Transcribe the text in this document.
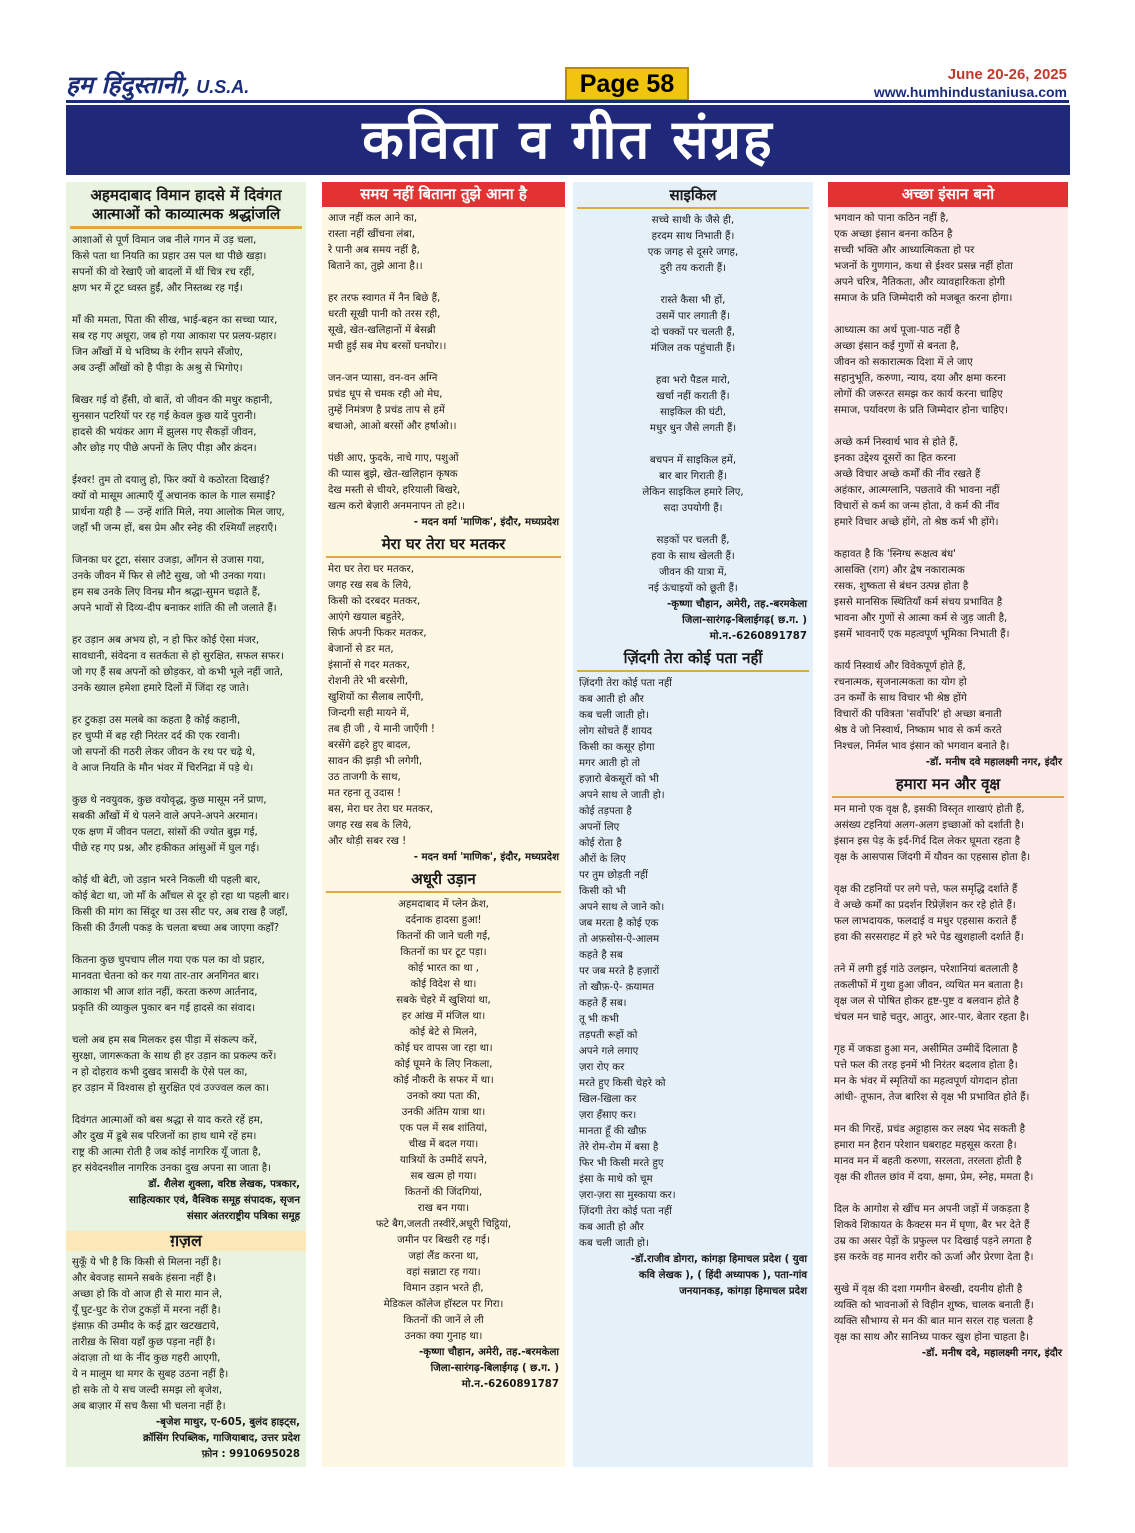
हम हिंदुस्तानी, U.S.A.	Page 58	June 20-26, 2025
www.humhindustaniusa.com
कविता व गीत संग्रह
अहमदाबाद विमान हादसे में दिवंगत आत्माओं को काव्यात्मक श्रद्धांजलि
आशाओं से पूर्ण विमान जब नीले गगन में उड़ चला,
किसे पता था नियति का प्रहार उस पल था पीछे खड़ा।
सपनों की वो रेखाएँ जो बादलों में थीं चित्र रच रहीं,
क्षण भर में टूट ध्वस्त हुईं, और निस्तब्ध रह गईं।
माँ की ममता, पिता की सीख, भाई-बहन का सच्चा प्यार,
सब रह गए अधूरा, जब हो गया आकाश पर प्रलय-प्रहार।
जिन आँखों में थे भविष्य के रंगीन सपने सँजोए,
अब उन्हीं आँखों को है पीड़ा के अश्रु से भिगोए।
बिखर गई वो हँसी, वो बातें, वो जीवन की मधुर कहानी,
सुनसान पटरियों पर रह गई केवल कुछ यादें पुरानी।
हादसे की भयंकर आग में झुलस गए सैकड़ों जीवन,
और छोड़ गए पीछे अपनों के लिए पीड़ा और क्रंदन।
ईश्वर! तुम तो दयालु हो, फिर क्यों ये कठोरता दिखाई?
क्यों वो मासूम आत्माएँ यूँ अचानक काल के गाल समाई?
प्रार्थना यही है — उन्हें शांति मिले, नया आलोक मिल जाए,
जहाँ भी जन्म हों, बस प्रेम और स्नेह की रश्मियाँ लहराएँ।
जिनका घर टूटा, संसार उजड़ा, आँगन से उजास गया,
उनके जीवन में फिर से लौटे सुख, जो भी उनका गया।
हम सब उनके लिए विनम्र मौन श्रद्धा-सुमन चढ़ाते हैं,
अपने भावों से दिव्य-दीप बनाकर शांति की लौ जलाते हैं।
हर उड़ान अब अभय हो, न हो फिर कोई ऐसा मंजर,
सावधानी, संवेदना व सतर्कता से हो सुरक्षित, सफल सफर।
जो गए हैं सब अपनों को छोड़कर, वो कभी भूले नहीं जाते,
उनके ख्याल हमेशा हमारे दिलों में जिंदा रह जाते।
हर टुकड़ा उस मलबे का कहता है कोई कहानी,
हर चुप्पी में बह रही निरंतर दर्द की एक रवानी।
जो सपनों की गठरी लेकर जीवन के रथ पर चढ़े थे,
वे आज नियति के मौन भंवर में चिरनिद्रा में पड़े थे।
कुछ थे नवयुवक, कुछ वयोवृद्ध, कुछ मासूम ननें प्राण,
सबकी आँखों में थे पलने वाले अपने-अपने अरमान।
एक क्षण में जीवन पलटा, सांसों की ज्योत बुझ गई,
पीछे रह गए प्रश्न, और हकीकत आंसुओं में घुल गई।
कोई थी बेटी, जो उड़ान भरने निकली थी पहली बार,
कोई बेटा था, जो माँ के आँचल से दूर हो रहा था पहली बार।
किसी की मांग का सिंदूर था उस सीट पर, अब राख है जहाँ,
किसी की उँगली पकड़ के चलता बच्चा अब जाएगा कहाँ?
कितना कुछ चुपचाप लील गया एक पल का वो प्रहार,
मानवता चेतना को कर गया तार-तार अनगिनत बार।
आकाश भी आज शांत नहीं, करता करुण आर्तनाद,
प्रकृति की व्याकुल पुकार बन गई हादसे का संवाद।
चलो अब हम सब मिलकर इस पीड़ा में संकल्प करें,
सुरक्षा, जागरूकता के साथ ही हर उड़ान का प्रकल्प करें।
न हो दोहराव कभी दुखद त्रासदी के ऐसे पल का,
हर उड़ान में विश्वास हो सुरक्षित एवं उज्ज्वल कल का।
दिवंगत आत्माओं को बस श्रद्धा से याद करते रहें हम,
और दुख में डूबे सब परिजनों का हाथ थामे रहें हम।
राष्ट्र की आत्मा रोती है जब कोई नागरिक यूँ जाता है,
हर संवेदनशील नागरिक उनका दुख अपना सा जाता है।
डॉ. शैलेश शुक्ला, वरिष्ठ लेखक, पत्रकार,
साहित्यकार एवं, वैश्विक समूह संपादक, सृजन
संसार अंतरराष्ट्रीय पत्रिका समूह
ग़ज़ल
सुकूँ ये भी है कि किसी से मिलना नहीं है।
और बेवजह सामने सबके हंसना नहीं है।
अच्छा हो कि वो आज ही से मारा मान ले,
यूँ घुट-घुट के रोज टुकड़ों में मरना नहीं है।
इंसाफ़ की उम्मीद के कई द्वार खटखटाये,
तारीख़ के सिवा यहाँ कुछ पड़ना नहीं है।
अंदाज़ा तो था के नींद कुछ गहरी आएगी,
ये न मालूम था मगर के सुबह उठना नहीं है।
हो सके तो ये सच जल्दी समझ लो बृजेश,
अब बाज़ार में सच कैसा भी चलना नहीं है।
-बृजेश माथुर, ए-605, बुलंद हाइट्स,
क्रॉसिंग रिपब्लिक, गाजियाबाद, उत्तर प्रदेश
फ़ोन : 9910695028
समय नहीं बिताना तुझे आना है
आज नहीं कल आने का,
रास्ता नहीं खींचना लंबा,
रे पानी अब समय नहीं है,
बिताने का, तुझे आना है।।
हर तरफ स्वागत में नैन बिछे हैं,
धरती सूखी पानी को तरस रही,
सूखे, खेत-खलिहानों में बेसब्री
मची हुई सब मेघ बरसों घनघोर।।
जन-जन प्यासा, वन-वन अग्नि
प्रचंड धूप से चमक रही ओ मेघ,
तुम्हें निमंत्रण है प्रचंड ताप से हमें
बचाओ, आओ बरसों और हर्षाओ।।
पंछी आए, फुदके, नाचे गाए, पशुओं
की प्यास बुझे, खेत-खलिहान कृषक
देख मस्ती से चीयरे, हरियाली बिखरे,
खत्म करो बेज़ारी अनमनापन तो हटे।।
- मदन वर्मा 'माणिक', इंदौर, मध्यप्रदेश
मेरा घर तेरा घर मतकर
मेरा घर तेरा घर मतकर,
जगह रख सब के लिये,
किसी को दरबदर मतकर,
आएंगे खयाल बहुतेरे,
सिर्फ अपनी फिकर मतकर,
बेजानों से डर मत,
इंसानों से गदर मतकर,
रोशनी तेरे भी बरसेगी,
खुशियों का सैलाब लाएँगी,
जिन्दगी सही मायने में,
तब ही जी , ये मानी जाएँगी !
बरसेंगे ढहरे हुए बादल,
सावन की झड़ी भी लगेगी,
उठ ताजगी के साथ,
मत रहना तू उदास !
बस, मेरा घर तेरा घर मतकर,
जगह रख सब के लिये,
और थोड़ी सबर रख !
- मदन वर्मा 'माणिक', इंदौर, मध्यप्रदेश
अधूरी उड़ान
अहमदाबाद में प्लेन क्रेश,
दर्दनाक हादसा हुआ!
कितनों की जाने चली गई,
कितनों का घर टूट पड़ा।
कोई भारत का था ,
कोई विदेश से था।
सबके चेहरे में खुशियां था,
हर आंख में मंजिल था।
कोई बेटे से मिलने,
कोई घर वापस जा रहा था।
कोई घूमने के लिए निकला,
कोई नौकरी के सफर में था।
उनको क्या पता की,
उनकी अंतिम यात्रा था।
एक पल में सब शांतियां,
चीख में बदल गया।
यात्रियों के उम्मीदें सपने,
सब खत्म हो गया।
कितनों की जिंदगियां,
राख बन गया।
फटे बैग,जलती तस्वीरें,अधूरी चिट्ठियां,
जमीन पर बिखरी रह गई।
जहां लैंड करना था,
वहां सन्नाटा रह गया।
विमान उड़ान भरते ही,
मेडिकल कॉलेज हॉस्टल पर गिरा।
कितनों की जानें ले ली
उनका क्या गुनाह था।
-कृष्णा चौहान, अमेरी, तह.-बरमकेला
जिला-सारंगढ़-बिलाईगढ़ ( छ.ग. )
मो.न.-6260891787
साइकिल
सच्चे साथी के जैसे ही,
हरदम साथ निभाती हैं।
एक जगह से दूसरे जगह,
दुरी तय कराती हैं।
रास्ते कैसा भी हों,
उसमें पार लगाती हैं।
दो चक्कों पर चलती हैं,
मंजिल तक पहुंचाती हैं।
हवा भरो पैडल मारो,
खर्चा नहीं कराती हैं।
साइकिल की घंटी,
मधुर धुन जैसे लगती हैं।
बचपन में साइकिल हमें,
बार बार गिराती हैं।
लेकिन साइकिल हमारे लिए,
सदा उपयोगी हैं।
सड़कों पर चलती हैं,
हवा के साथ खेलती हैं।
जीवन की यात्रा में,
नई ऊंचाइयों को छूती हैं।
-कृष्णा चौहान, अमेरी, तह.-बरमकेला
जिला-सारंगढ़-बिलाईगढ़( छ.ग. )
मो.न.-6260891787
ज़िंदगी तेरा कोई पता नहीं
ज़िंदगी तेरा कोई पता नहीं
कब आती हो और
कब चली जाती हो।
लोग सोचते हैं शायद
किसी का कसूर होगा
मगर आती हो तो
हज़ारो बेकसूरों को भी
अपने साथ ले जाती हो।
कोई तड़पता है
अपनों लिए
कोई रोता है
औरों के लिए
पर तुम छोड़ती नहीं
किसी को भी
अपने साथ ले जाने को।
जब मरता है कोई एक
तो अफ़सोस-ऐ-आलम
कहते है सब
पर जब मरते है हज़ारों
तो खौफ़-ऐ- क़यामत
कहते हैं सब।
तू भी कभी
तड़पती रूहों को
अपने गले लगाए
ज़रा रोए कर
मरते हुए किसी चेहरे को
खिल-खिला कर
ज़रा हँसाए कर।
मानता हूँ की खौफ़
तेरे रोम-रोम में बसा है
फिर भी किसी मरते हुए
इंसा के माथे को चूम
ज़रा-ज़रा सा मुस्काया कर।
ज़िंदगी तेरा कोई पता नहीं
कब आती हो और
कब चली जाती हो।
-डॉ.राजीव डोगरा, कांगड़ा हिमाचल प्रदेश ( युवा
कवि लेखक ), ( हिंदी अध्यापक ), पता-गांव
जनयानकड़, कांगड़ा हिमाचल प्रदेश
अच्छा इंसान बनो
भगवान को पाना कठिन नहीं है,
एक अच्छा इंसान बनना कठिन है
सच्ची भक्ति और आध्यात्मिकता हो पर
भजनों के गुणगान, कथा से ईश्वर प्रसन्न नहीं होता
अपने चरित्र, नैतिकता, और व्यावहारिकता होगी
समाज के प्रति जिम्मेदारी को मजबूत करना होगा।
आध्यात्म का अर्थ पूजा-पाठ नहीं है
अच्छा इंसान कई गुणों से बनता है,
जीवन को सकारात्मक दिशा में ले जाए
सहानुभूति, करुणा, न्याय, दया और क्षमा करना
लोगों की जरूरत समझ कर कार्य करना चाहिए
समाज, पर्यावरण के प्रति जिम्मेदार होना चाहिए।
अच्छे कर्म निस्वार्थ भाव से होते हैं,
इनका उद्देश्य दूसरों का हित करना
अच्छे विचार अच्छे कर्मों की नींव रखते हैं
अहंकार, आत्मग्लानि, पछतावे की भावना नहीं
विचारों से कर्म का जन्म होता, वे कर्म की नींव
हमारे विचार अच्छे होंगे, तो श्रेष्ठ कर्म भी होंगे।
कहावत है कि 'स्निग्ध रूक्षत्व बंध'
आसक्ति (राग) और द्वेष नकारात्मक
रसक, शुष्कता से बंधन उत्पन्न होता है
इससे मानसिक स्थितियाँ कर्म संचय प्रभावित है
भावना और गुणों से आत्मा कर्म से जुड़ जाती है,
इसमें भावनाएँ एक महत्वपूर्ण भूमिका निभाती हैं।
कार्य निस्वार्थ और विवेकपूर्ण होते हैं,
रचनात्मक, सृजनात्मकता का योग हो
उन कर्मों के साथ विचार भी श्रेष्ठ होंगे
विचारों की पवित्रता 'सर्वोपरि' हो अच्छा बनाती
श्रेष्ठ वे जो निस्वार्थ, निष्काम भाव से कर्म करते
निश्चल, निर्मल भाव इंसान को भगवान बनाते है।
-डॉ. मनीष दवे महालक्ष्मी नगर, इंदौर
हमारा मन और वृक्ष
मन मानो एक वृक्ष है, इसकी विस्तृत शाखाएं होती हैं,
असंख्य टहनियां अलग-अलग इच्छाओं को दर्शाती है।
इंसान इस पेड़ के इर्द-गिर्द दिल लेकर घूमता रहता है
वृक्ष के आसपास जिंदगी में यौवन का एहसास होता है।
वृक्ष की टहनियों पर लगे पत्ते, फल समृद्धि दर्शाते हैं
वे अच्छे कर्मों का प्रदर्शन रिप्रेज़ेंशन कर रहे होते हैं।
फल लाभदायक, फलदाई व मधुर एहसास कराते हैं
हवा की सरसराहट में हरे भरे पेड खुशहाली दर्शाते हैं।
तने में लगी हुई गांठे उलझन, परेशानियां बतलाती है
तकलीफों में गुथा हुआ जीवन, व्यथित मन बताता है।
वृक्ष जल से पोषित होकर हृष्ट-पुष्ट व बलवान होते है
चंचल मन चाहे चतुर, आतुर, आर-पार, बेतार रहता है।
गृह में जकडा हुआ मन, असीमित उम्मीदें दिलाता है
पत्ते फल की तरह इनमें भी निरंतर बदलाव होता है।
मन के भंवर में स्मृतियों का महत्वपूर्ण योगदान होता
आंधी- तूफान, तेज बारिश से वृक्ष भी प्रभावित होते हैं।
मन की गिरहें, प्रचंड अट्टाहास कर लक्ष्य भेद सकती है
हमारा मन हैरान परेशान घबराहट महसूस करता है।
मानव मन में बहती करुणा, सरलता, तरलता होती है
वृक्ष की शीतल छांव में दया, क्षमा, प्रेम, स्नेह, ममता है।
दिल के आगोश से खींच मन अपनी जड़ों में जकड़ता है
शिकवे शिकायत के कैक्टस मन में घृणा, बैर भर देते हैं
उम्र का असर पेड़ों के प्रफुल्ल पर दिखाई पड़ने लगता है
इस करके वह मानव शरीर को ऊर्जा और प्रेरणा देता है।
सुखे में वृक्ष की दशा गमगीन बेरुखी, दयनीय होती है
व्यक्ति को भावनाओं से विहीन शुष्क, चालक बनाती हैं।
व्यक्ति सौभाग्य से मन की बात मान सरल राह चलता है
वृक्ष का साथ और सानिध्य पाकर खुश होना चाहता है।
-डॉ. मनीष दवे, महालक्ष्मी नगर, इंदौर
